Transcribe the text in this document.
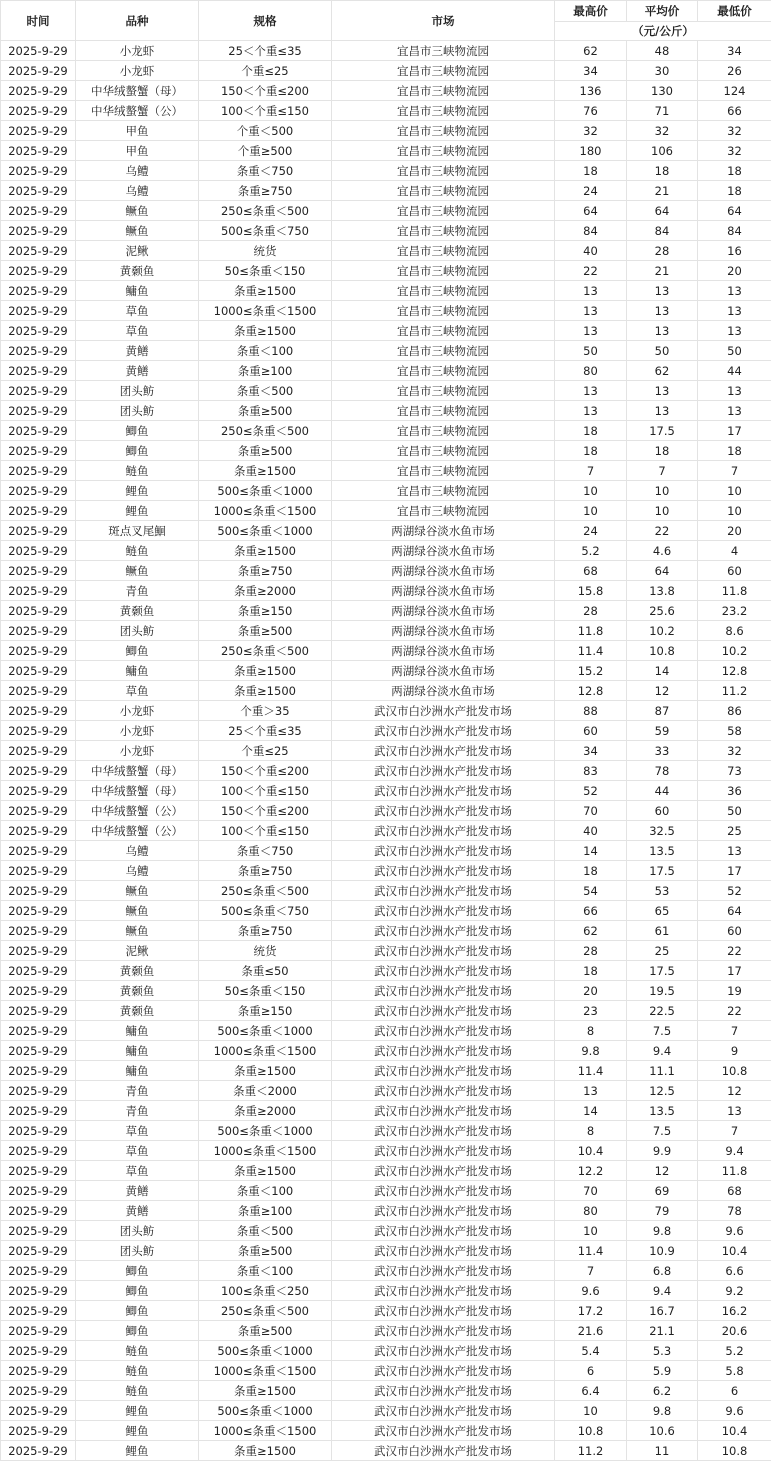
时间	品种	规格	市场	最高价	平均价	最低价
				（元/公斤）		
2025-9-29	小龙虾	25＜个重≤35	宜昌市三峡物流园	62	48	34
2025-9-29	小龙虾	个重≤25	宜昌市三峡物流园	34	30	26
2025-9-29	中华绒螯蟹（母）	150＜个重≤200	宜昌市三峡物流园	136	130	124
2025-9-29	中华绒螯蟹（公）	100＜个重≤150	宜昌市三峡物流园	76	71	66
2025-9-29	甲鱼	个重＜500	宜昌市三峡物流园	32	32	32
2025-9-29	甲鱼	个重≥500	宜昌市三峡物流园	180	106	32
2025-9-29	乌鳢	条重＜750	宜昌市三峡物流园	18	18	18
2025-9-29	乌鳢	条重≥750	宜昌市三峡物流园	24	21	18
2025-9-29	鳜鱼	250≤条重＜500	宜昌市三峡物流园	64	64	64
2025-9-29	鳜鱼	500≤条重＜750	宜昌市三峡物流园	84	84	84
2025-9-29	泥鳅	统货	宜昌市三峡物流园	40	28	16
2025-9-29	黄颡鱼	50≤条重＜150	宜昌市三峡物流园	22	21	20
2025-9-29	鳙鱼	条重≥1500	宜昌市三峡物流园	13	13	13
2025-9-29	草鱼	1000≤条重＜1500	宜昌市三峡物流园	13	13	13
2025-9-29	草鱼	条重≥1500	宜昌市三峡物流园	13	13	13
2025-9-29	黄鳝	条重＜100	宜昌市三峡物流园	50	50	50
2025-9-29	黄鳝	条重≥100	宜昌市三峡物流园	80	62	44
2025-9-29	团头鲂	条重＜500	宜昌市三峡物流园	13	13	13
2025-9-29	团头鲂	条重≥500	宜昌市三峡物流园	13	13	13
2025-9-29	鲫鱼	250≤条重＜500	宜昌市三峡物流园	18	17.5	17
2025-9-29	鲫鱼	条重≥500	宜昌市三峡物流园	18	18	18
2025-9-29	鲢鱼	条重≥1500	宜昌市三峡物流园	7	7	7
2025-9-29	鲤鱼	500≤条重＜1000	宜昌市三峡物流园	10	10	10
2025-9-29	鲤鱼	1000≤条重＜1500	宜昌市三峡物流园	10	10	10
2025-9-29	斑点叉尾鮰	500≤条重＜1000	两湖绿谷淡水鱼市场	24	22	20
2025-9-29	鲢鱼	条重≥1500	两湖绿谷淡水鱼市场	5.2	4.6	4
2025-9-29	鳜鱼	条重≥750	两湖绿谷淡水鱼市场	68	64	60
2025-9-29	青鱼	条重≥2000	两湖绿谷淡水鱼市场	15.8	13.8	11.8
2025-9-29	黄颡鱼	条重≥150	两湖绿谷淡水鱼市场	28	25.6	23.2
2025-9-29	团头鲂	条重≥500	两湖绿谷淡水鱼市场	11.8	10.2	8.6
2025-9-29	鲫鱼	250≤条重＜500	两湖绿谷淡水鱼市场	11.4	10.8	10.2
2025-9-29	鳙鱼	条重≥1500	两湖绿谷淡水鱼市场	15.2	14	12.8
2025-9-29	草鱼	条重≥1500	两湖绿谷淡水鱼市场	12.8	12	11.2
2025-9-29	小龙虾	个重＞35	武汉市白沙洲水产批发市场	88	87	86
2025-9-29	小龙虾	25＜个重≤35	武汉市白沙洲水产批发市场	60	59	58
2025-9-29	小龙虾	个重≤25	武汉市白沙洲水产批发市场	34	33	32
2025-9-29	中华绒螯蟹（母）	150＜个重≤200	武汉市白沙洲水产批发市场	83	78	73
2025-9-29	中华绒螯蟹（母）	100＜个重≤150	武汉市白沙洲水产批发市场	52	44	36
2025-9-29	中华绒螯蟹（公）	150＜个重≤200	武汉市白沙洲水产批发市场	70	60	50
2025-9-29	中华绒螯蟹（公）	100＜个重≤150	武汉市白沙洲水产批发市场	40	32.5	25
2025-9-29	乌鳢	条重＜750	武汉市白沙洲水产批发市场	14	13.5	13
2025-9-29	乌鳢	条重≥750	武汉市白沙洲水产批发市场	18	17.5	17
2025-9-29	鳜鱼	250≤条重＜500	武汉市白沙洲水产批发市场	54	53	52
2025-9-29	鳜鱼	500≤条重＜750	武汉市白沙洲水产批发市场	66	65	64
2025-9-29	鳜鱼	条重≥750	武汉市白沙洲水产批发市场	62	61	60
2025-9-29	泥鳅	统货	武汉市白沙洲水产批发市场	28	25	22
2025-9-29	黄颡鱼	条重≤50	武汉市白沙洲水产批发市场	18	17.5	17
2025-9-29	黄颡鱼	50≤条重＜150	武汉市白沙洲水产批发市场	20	19.5	19
2025-9-29	黄颡鱼	条重≥150	武汉市白沙洲水产批发市场	23	22.5	22
2025-9-29	鳙鱼	500≤条重＜1000	武汉市白沙洲水产批发市场	8	7.5	7
2025-9-29	鳙鱼	1000≤条重＜1500	武汉市白沙洲水产批发市场	9.8	9.4	9
2025-9-29	鳙鱼	条重≥1500	武汉市白沙洲水产批发市场	11.4	11.1	10.8
2025-9-29	青鱼	条重＜2000	武汉市白沙洲水产批发市场	13	12.5	12
2025-9-29	青鱼	条重≥2000	武汉市白沙洲水产批发市场	14	13.5	13
2025-9-29	草鱼	500≤条重＜1000	武汉市白沙洲水产批发市场	8	7.5	7
2025-9-29	草鱼	1000≤条重＜1500	武汉市白沙洲水产批发市场	10.4	9.9	9.4
2025-9-29	草鱼	条重≥1500	武汉市白沙洲水产批发市场	12.2	12	11.8
2025-9-29	黄鳝	条重＜100	武汉市白沙洲水产批发市场	70	69	68
2025-9-29	黄鳝	条重≥100	武汉市白沙洲水产批发市场	80	79	78
2025-9-29	团头鲂	条重＜500	武汉市白沙洲水产批发市场	10	9.8	9.6
2025-9-29	团头鲂	条重≥500	武汉市白沙洲水产批发市场	11.4	10.9	10.4
2025-9-29	鲫鱼	条重＜100	武汉市白沙洲水产批发市场	7	6.8	6.6
2025-9-29	鲫鱼	100≤条重＜250	武汉市白沙洲水产批发市场	9.6	9.4	9.2
2025-9-29	鲫鱼	250≤条重＜500	武汉市白沙洲水产批发市场	17.2	16.7	16.2
2025-9-29	鲫鱼	条重≥500	武汉市白沙洲水产批发市场	21.6	21.1	20.6
2025-9-29	鲢鱼	500≤条重＜1000	武汉市白沙洲水产批发市场	5.4	5.3	5.2
2025-9-29	鲢鱼	1000≤条重＜1500	武汉市白沙洲水产批发市场	6	5.9	5.8
2025-9-29	鲢鱼	条重≥1500	武汉市白沙洲水产批发市场	6.4	6.2	6
2025-9-29	鲤鱼	500≤条重＜1000	武汉市白沙洲水产批发市场	10	9.8	9.6
2025-9-29	鲤鱼	1000≤条重＜1500	武汉市白沙洲水产批发市场	10.8	10.6	10.4
2025-9-29	鲤鱼	条重≥1500	武汉市白沙洲水产批发市场	11.2	11	10.8
